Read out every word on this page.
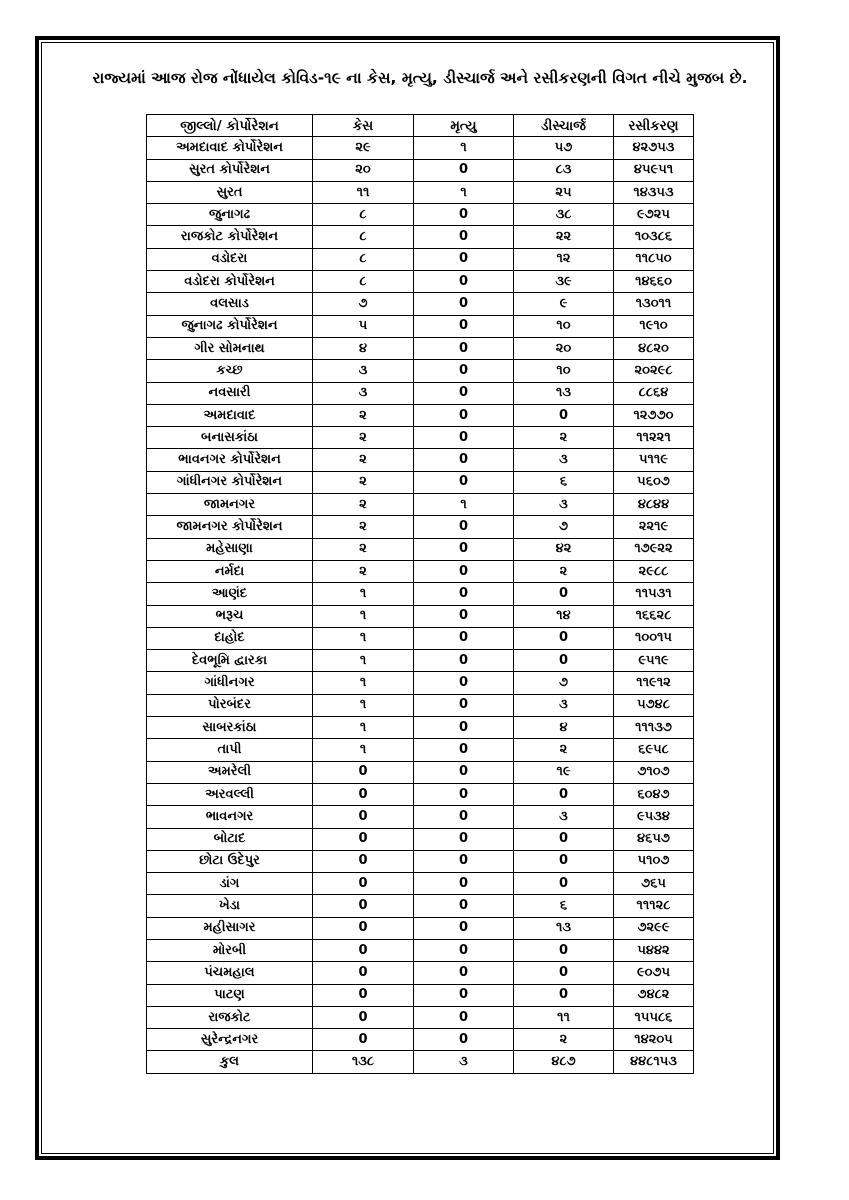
રાજ્યમાં આજ રોજ નોંધાયેલ કોવિડ-૧૯ ના કેસ, મૃત્યુ, ડીસ્ચાર્જ અને રસીકરણની વિગત નીચે મુજબ છે.
જીલ્લો/ કોર્પોરેશન	કેસ	મૃત્યુ	ડીસ્ચાર્જ	રસીકરણ
અમદાવાદ કોર્પોરેશન	૨૯	૧	૫૭	૪૨૭૫૩
સુરત કોર્પોરેશન	૨૦	0	૮૩	૪૫૯૫૧
સુરત	૧૧	૧	૨૫	૧૪૩૫૩
જુનાગઢ	૮	0	૩૮	૯૭૨૫
રાજકોટ કોર્પોરેશન	૮	0	૨૨	૧૦૩૮૬
વડોદરા	૮	0	૧૨	૧૧૮૫૦
વડોદરા કોર્પોરેશન	૮	0	૩૯	૧૪૬૬૦
વલસાડ	૭	0	૯	૧૩૦૧૧
જુનાગઢ કોર્પોરેશન	૫	0	૧૦	૧૯૧૦
ગીર સોમનાથ	૪	0	૨૦	૪૮૨૦
કચ્છ	૩	0	૧૦	૨૦૨૯૮
નવસારી	૩	0	૧૩	૮૮૬૪
અમદાવાદ	૨	0	0	૧૨૭૭૦
બનાસકાંઠા	૨	0	૨	૧૧૨૨૧
ભાવનગર કોર્પોરેશન	૨	0	૩	૫૧૧૯
ગાંધીનગર કોર્પોરેશન	૨	0	૬	૫૬૦૭
જામનગર	૨	૧	૩	૪૮૪૪
જામનગર કોર્પોરેશન	૨	0	૭	૨૨૧૯
મહેસાણા	૨	0	૪૨	૧૭૯૨૨
નર્મદા	૨	0	૨	૨૯૮૮
આણંદ	૧	0	0	૧૧૫૩૧
ભરૂચ	૧	0	૧૪	૧૬૬૨૮
દાહોદ	૧	0	0	૧૦૦૧૫
દેવભૂમિ દ્વારકા	૧	0	0	૯૫૧૯
ગાંધીનગર	૧	0	૭	૧૧૯૧૨
પોરબંદર	૧	0	૩	૫૭૪૮
સાબરકાંઠા	૧	0	૪	૧૧૧૩૭
તાપી	૧	0	૨	૬૯૫૮
અમરેલી	0	0	૧૯	૭૧૦૭
અરવલ્લી	0	0	0	૬૦૪૭
ભાવનગર	0	0	૩	૯૫૩૪
બોટાદ	0	0	0	૪૬૫૭
છોટા ઉદેપુર	0	0	0	૫૧૦૭
ડાંગ	0	0	0	૭૬૫
ખેડા	0	0	૬	૧૧૧૨૮
મહીસાગર	0	0	૧૩	૭૨૯૯
મોરબી	0	0	0	૫૪૪૨
પંચમહાલ	0	0	0	૯૦૭૫
પાટણ	0	0	0	૭૪૮૨
રાજકોટ	0	0	૧૧	૧૫૫૮૬
સુરેન્દ્રનગર	0	0	૨	૧૪૨૦૫
કુલ	૧૩૮	૩	૪૮૭	૪૪૮૧૫૩
